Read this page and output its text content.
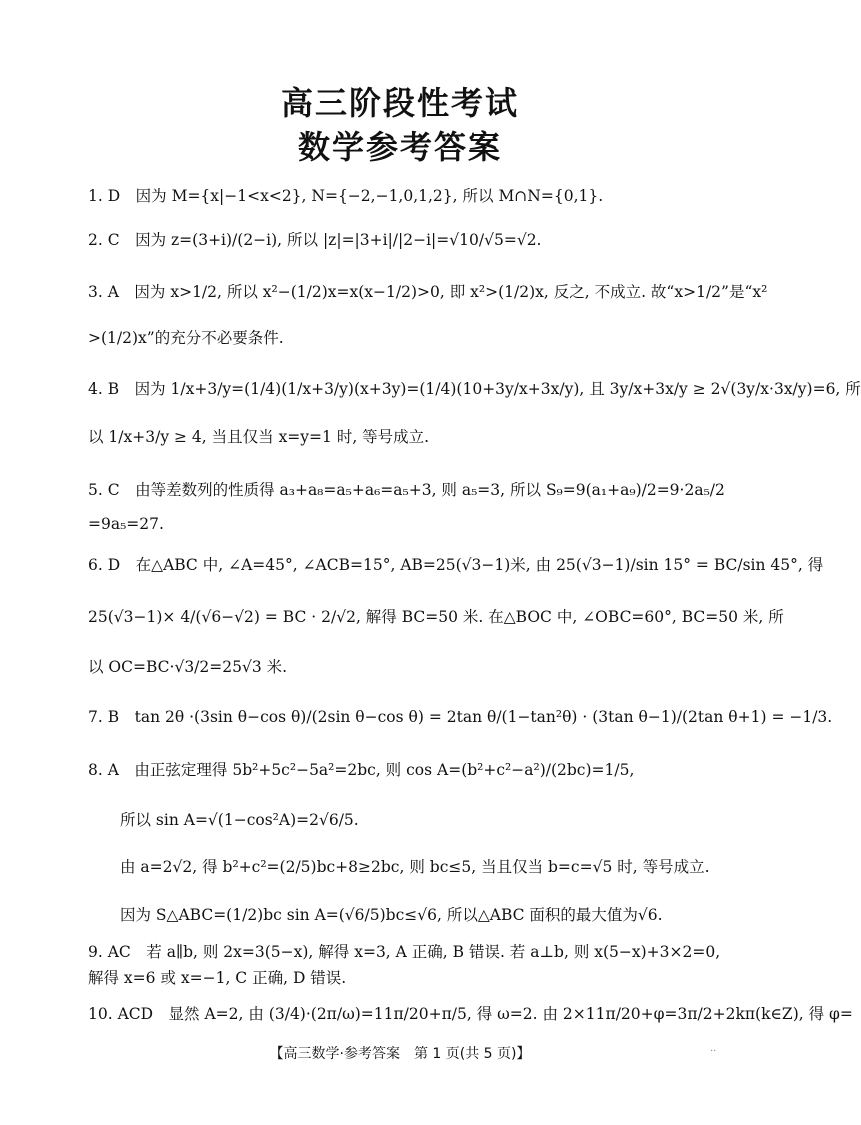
高三阶段性考试
数学参考答案
1. D　因为 M={x|−1<x<2}, N={−2,−1,0,1,2}, 所以 M∩N={0,1}.
2. C　因为 z=(3+i)/(2−i), 所以 |z|=|3+i|/|2−i|=√10/√5=√2.
3. A　因为 x>1/2, 所以 x²−(1/2)x=x(x−1/2)>0, 即 x²>(1/2)x, 反之, 不成立. 故“x>1/2”是“x²
>(1/2)x”的充分不必要条件.
4. B　因为 1/x+3/y=(1/4)(1/x+3/y)(x+3y)=(1/4)(10+3y/x+3x/y), 且 3y/x+3x/y ≥ 2√(3y/x·3x/y)=6, 所
以 1/x+3/y ≥ 4, 当且仅当 x=y=1 时, 等号成立.
5. C　由等差数列的性质得 a₃+a₈=a₅+a₆=a₅+3, 则 a₅=3, 所以 S₉=9(a₁+a₉)/2=9·2a₅/2
=9a₅=27.
6. D　在△ABC 中, ∠A=45°, ∠ACB=15°, AB=25(√3−1)米, 由 25(√3−1)/sin 15° = BC/sin 45°, 得
25(√3−1)× 4/(√6−√2) = BC · 2/√2, 解得 BC=50 米. 在△BOC 中, ∠OBC=60°, BC=50 米, 所
以 OC=BC·√3/2=25√3 米.
7. B　tan 2θ ·(3sin θ−cos θ)/(2sin θ−cos θ) = 2tan θ/(1−tan²θ) · (3tan θ−1)/(2tan θ+1) = −1/3.
8. A　由正弦定理得 5b²+5c²−5a²=2bc, 则 cos A=(b²+c²−a²)/(2bc)=1/5,
所以 sin A=√(1−cos²A)=2√6/5.
由 a=2√2, 得 b²+c²=(2/5)bc+8≥2bc, 则 bc≤5, 当且仅当 b=c=√5 时, 等号成立.
因为 S△ABC=(1/2)bc sin A=(√6/5)bc≤√6, 所以△ABC 面积的最大值为√6.
9. AC　若 a∥b, 则 2x=3(5−x), 解得 x=3, A 正确, B 错误. 若 a⊥b, 则 x(5−x)+3×2=0,
解得 x=6 或 x=−1, C 正确, D 错误.
10. ACD　显然 A=2, 由 (3/4)·(2π/ω)=11π/20+π/5, 得 ω=2. 由 2×11π/20+φ=3π/2+2kπ(k∈Z), 得 φ=
【高三数学·参考答案　第 1 页(共 5 页)】	··
